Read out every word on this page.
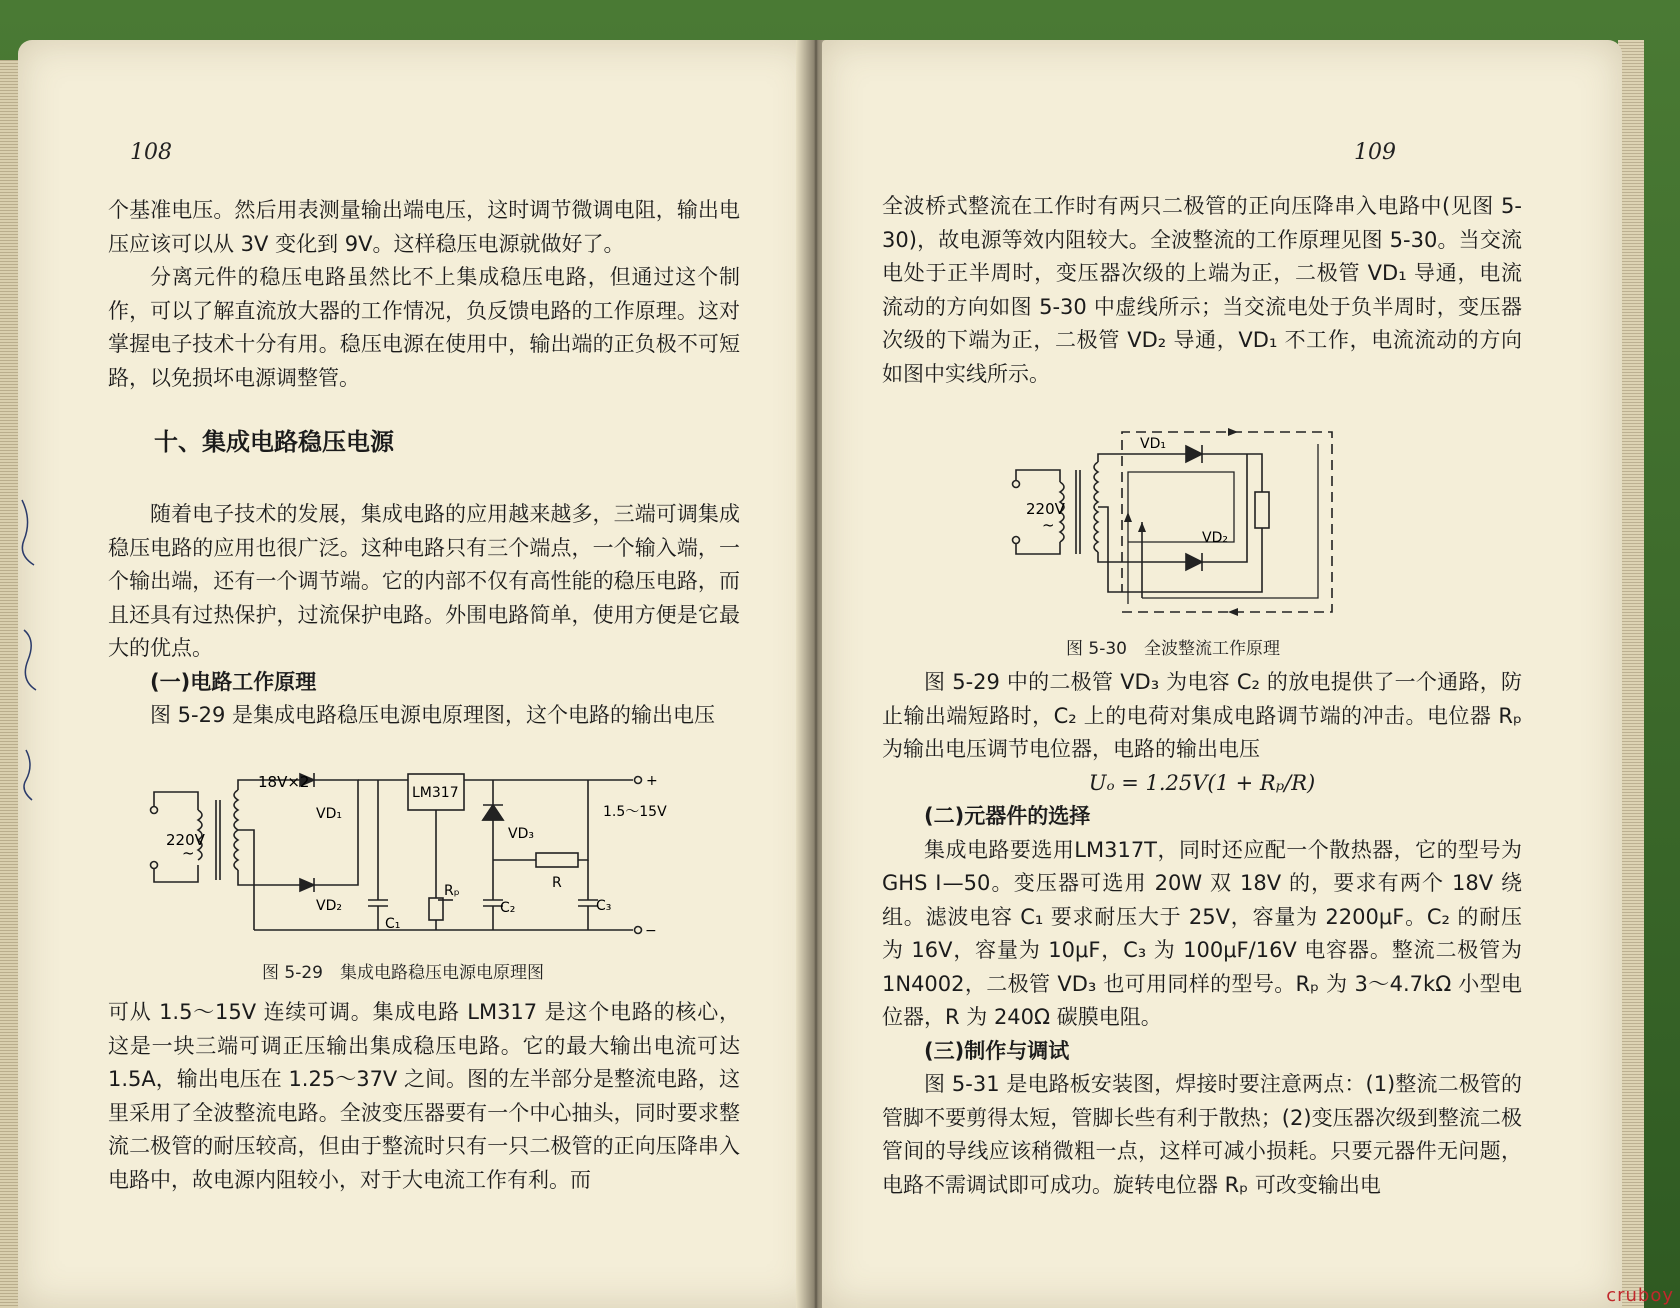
108

个基准电压。然后用表测量输出端电压，这时调节微调电阻，输出电压应该可以从 3V 变化到 9V。这样稳压电源就做好了。

分离元件的稳压电路虽然比不上集成稳压电路，但通过这个制作，可以了解直流放大器的工作情况，负反馈电路的工作原理。这对掌握电子技术十分有用。稳压电源在使用中，输出端的正负极不可短路，以免损坏电源调整管。

十、集成电路稳压电源

随着电子技术的发展，集成电路的应用越来越多，三端可调集成稳压电路的应用也很广泛。这种电路只有三个端点，一个输入端，一个输出端，还有一个调节端。它的内部不仅有高性能的稳压电路，而且还具有过热保护，过流保护电路。外围电路简单，使用方便是它最大的优点。

(一)电路工作原理

图 5-29 是集成电路稳压电源电原理图，这个电路的输出电压

18V×2
220V
~
VD₁
VD₂
VD₃
LM317
1.5～15V
+
−
Rₚ	R
C₁
C₂	C₃
图 5-29　集成电路稳压电源电原理图

可从 1.5～15V 连续可调。集成电路 LM317 是这个电路的核心，这是一块三端可调正压输出集成稳压电路。它的最大输出电流可达 1.5A，输出电压在 1.25～37V 之间。图的左半部分是整流电路，这里采用了全波整流电路。全波变压器要有一个中心抽头，同时要求整流二极管的耐压较高，但由于整流时只有一只二极管的正向压降串入电路中，故电源内阻较小，对于大电流工作有利。而

109

全波桥式整流在工作时有两只二极管的正向压降串入电路中(见图 5-30)，故电源等效内阻较大。全波整流的工作原理见图 5-30。当交流电处于正半周时，变压器次级的上端为正，二极管 VD₁ 导通，电流流动的方向如图 5-30 中虚线所示；当交流电处于负半周时，变压器次级的下端为正，二极管 VD₂ 导通，VD₁ 不工作，电流流动的方向如图中实线所示。

VD₁
VD₂
220V
~
图 5-30　全波整流工作原理

图 5-29 中的二极管 VD₃ 为电容 C₂ 的放电提供了一个通路，防止输出端短路时，C₂ 上的电荷对集成电路调节端的冲击。电位器 Rₚ 为输出电压调节电位器，电路的输出电压

Uₒ = 1.25V(1 + Rₚ/R)

(二)元器件的选择

集成电路要选用LM317T，同时还应配一个散热器，它的型号为 GHS Ⅰ—50。变压器可选用 20W 双 18V 的，要求有两个 18V 绕组。滤波电容 C₁ 要求耐压大于 25V，容量为 2200μF。C₂ 的耐压为 16V，容量为 10μF，C₃ 为 100μF/16V 电容器。整流二极管为 1N4002，二极管 VD₃ 也可用同样的型号。Rₚ 为 3～4.7kΩ 小型电位器，R 为 240Ω 碳膜电阻。

(三)制作与调试

图 5-31 是电路板安装图，焊接时要注意两点：(1)整流二极管的管脚不要剪得太短，管脚长些有利于散热；(2)变压器次级到整流二极管间的导线应该稍微粗一点，这样可减小损耗。只要元器件无问题，电路不需调试即可成功。旋转电位器 Rₚ 可改变输出电

cruboy
